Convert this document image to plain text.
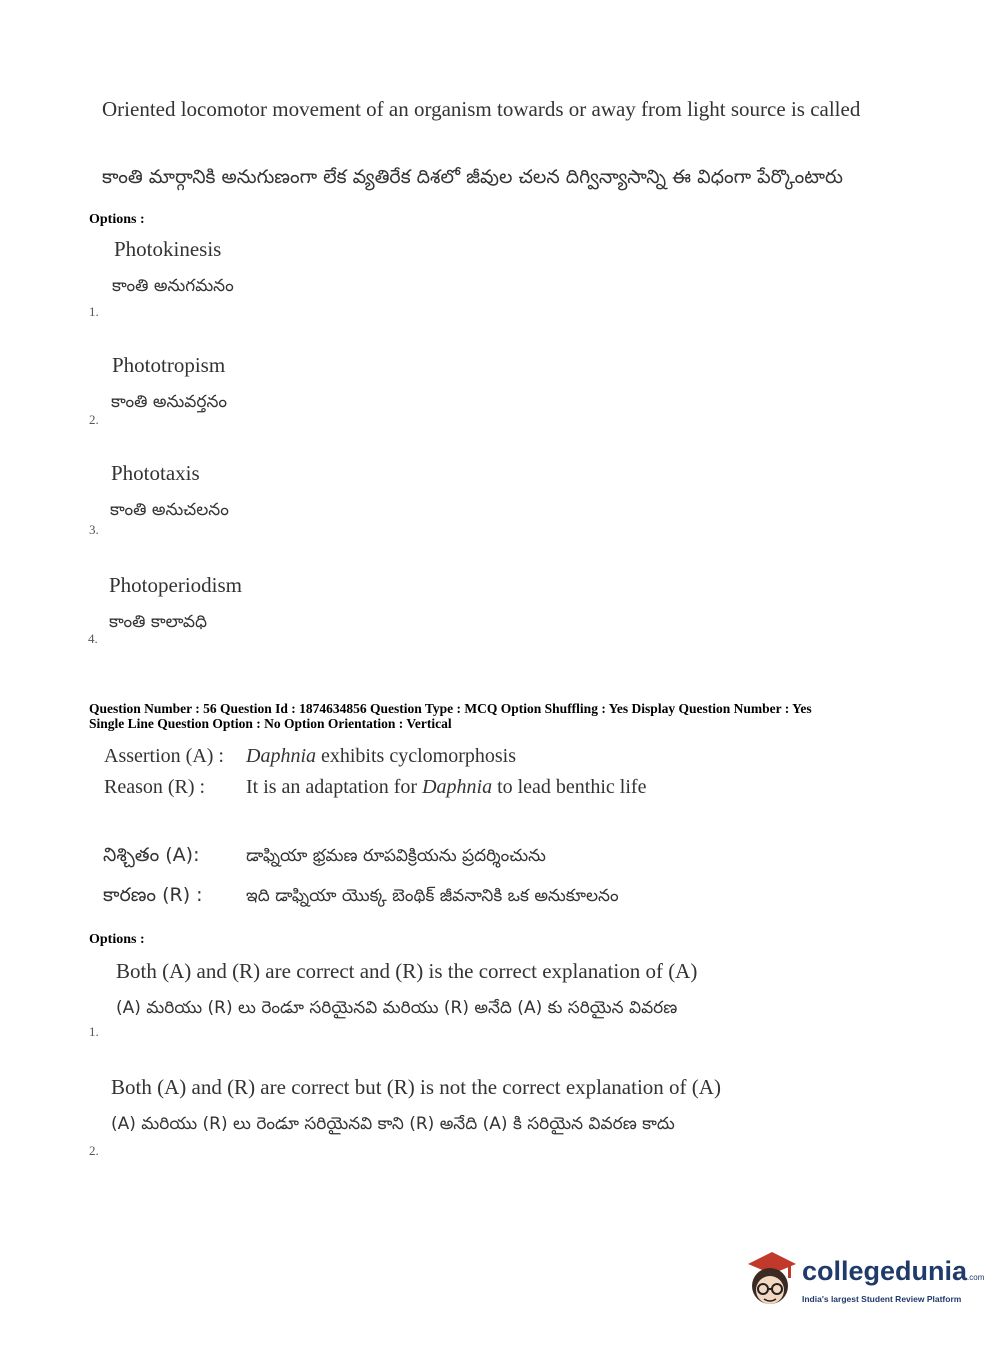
Oriented locomotor movement of an organism towards or away from light source is called
కాంతి మార్గానికి అనుగుణంగా లేక వ్యతిరేక దిశలో జీవుల చలన దిగ్విన్యాసాన్ని ఈ విధంగా పేర్కొంటారు
Options :
Photokinesis
కాంతి అనుగమనం
1.
Phototropism
కాంతి అనువర్తనం
2.
Phototaxis
కాంతి అనుచలనం
3.
Photoperiodism
కాంతి కాలావధి
4.
Question Number : 56 Question Id : 1874634856 Question Type : MCQ Option Shuffling : Yes Display Question Number : Yes
Single Line Question Option : No Option Orientation : Vertical
Assertion (A) : Daphnia exhibits cyclomorphosis
Reason (R) : It is an adaptation for Daphnia to lead benthic life
నిశ్చితం (A):	డాఫ్నియా భ్రమణ రూపవిక్రియను ప్రదర్శించును
కారణం (R) :	ఇది డాఫ్నియా యొక్క బెంథిక్ జీవనానికి ఒక అనుకూలనం
Options :
Both (A) and (R) are correct and (R) is the correct explanation of (A)
(A) మరియు (R) లు రెండూ సరియైనవి మరియు (R) అనేది (A) కు సరియైన వివరణ
1.
Both (A) and (R) are correct but (R) is not the correct explanation of (A)
(A) మరియు (R) లు రెండూ సరియైనవి కాని (R) అనేది (A) కి సరియైన వివరణ కాదు
2.
collegedunia.com
India's largest Student Review Platform
